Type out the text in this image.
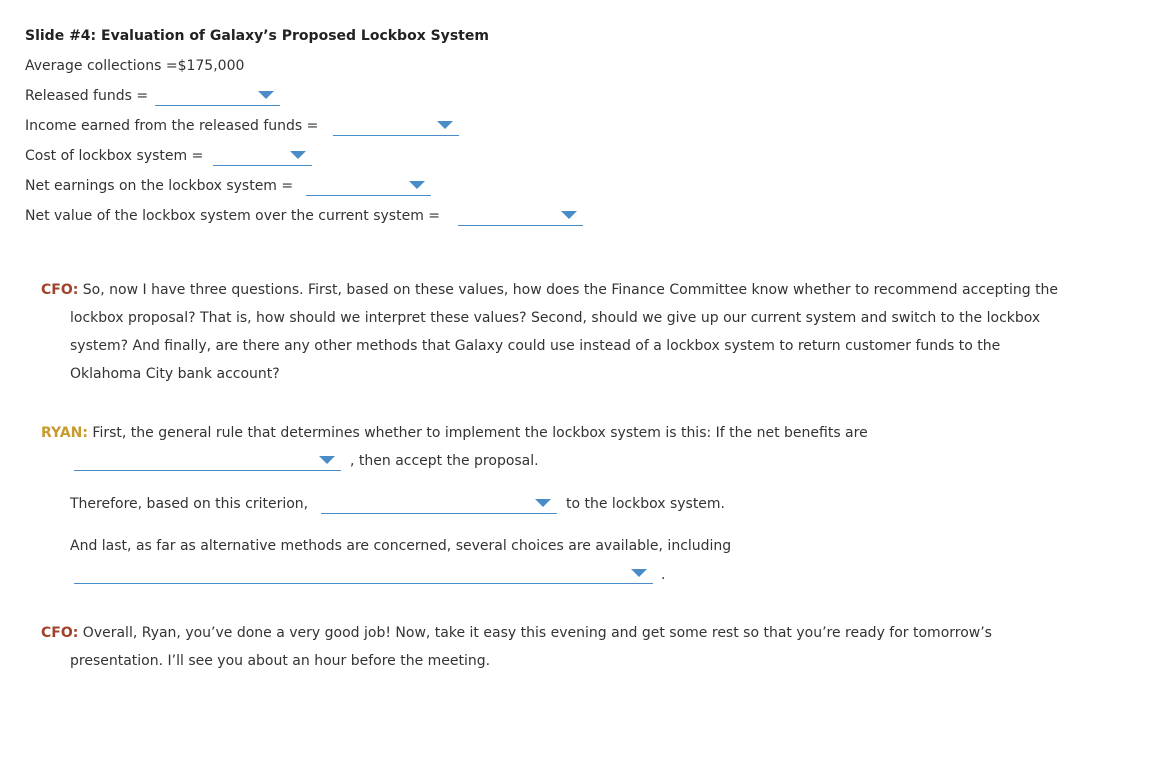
Slide #4: Evaluation of Galaxy’s Proposed Lockbox System
Average collections =$175,000
Released funds =
Income earned from the released funds =
Cost of lockbox system =
Net earnings on the lockbox system =
Net value of the lockbox system over the current system =
CFO: So, now I have three questions. First, based on these values, how does the Finance Committee know whether to recommend accepting the
lockbox proposal? That is, how should we interpret these values? Second, should we give up our current system and switch to the lockbox
system? And finally, are there any other methods that Galaxy could use instead of a lockbox system to return customer funds to the
Oklahoma City bank account?
RYAN: First, the general rule that determines whether to implement the lockbox system is this: If the net benefits are
, then accept the proposal.
Therefore, based on this criterion,	to the lockbox system.
And last, as far as alternative methods are concerned, several choices are available, including
.
CFO: Overall, Ryan, you’ve done a very good job! Now, take it easy this evening and get some rest so that you’re ready for tomorrow’s
presentation. I’ll see you about an hour before the meeting.
